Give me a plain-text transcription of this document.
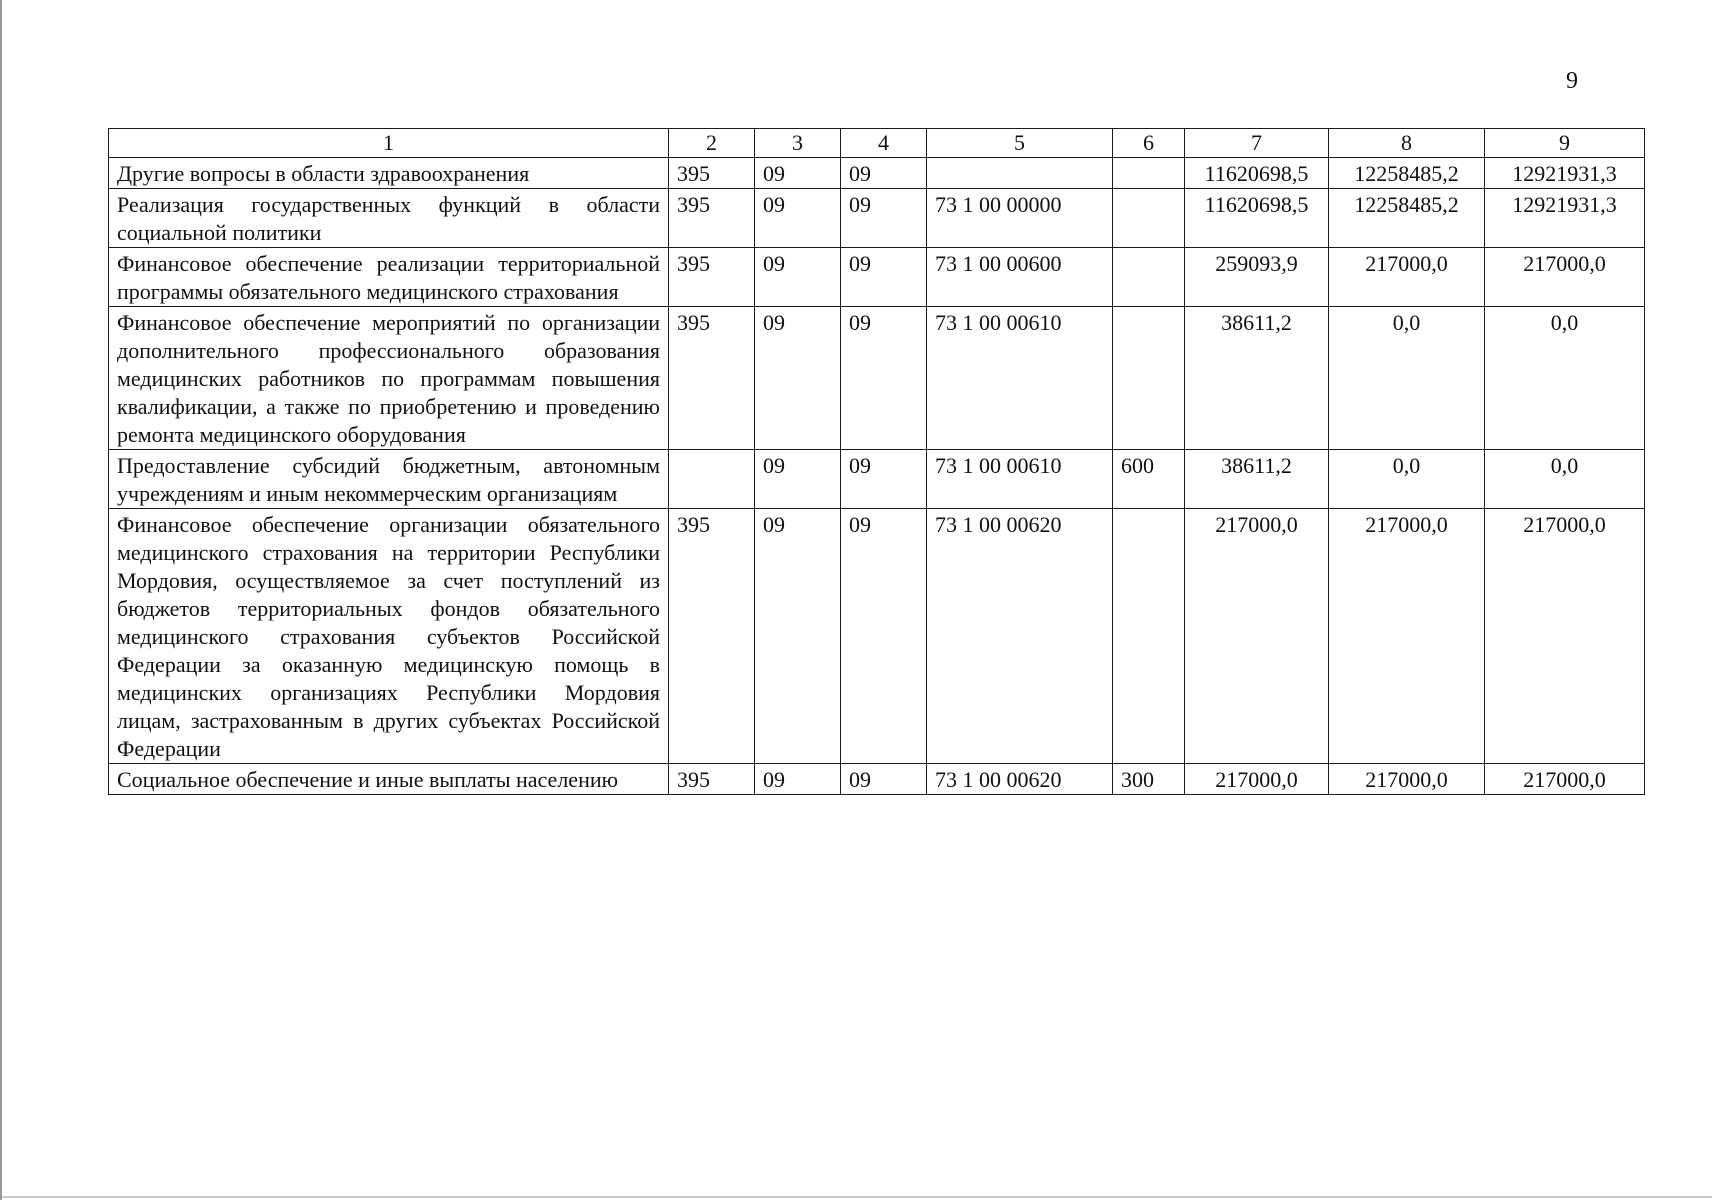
9
1	2	3	4	5	6	7	8	9
Другие вопросы в области здравоохранения	395	09	09			11620698,5	12258485,2	12921931,3
Реализация государственных функций в области социальной политики	395	09	09	73 1 00 00000		11620698,5	12258485,2	12921931,3
Финансовое обеспечение реализации территориальной программы обязательного медицинского страхования	395	09	09	73 1 00 00600		259093,9	217000,0	217000,0
Финансовое обеспечение мероприятий по организации дополнительного профессионального образования медицинских работников по программам повышения квалификации, а также по приобретению и проведению ремонта медицинского оборудования	395	09	09	73 1 00 00610		38611,2	0,0	0,0
Предоставление субсидий бюджетным, автономным учреждениям и иным некоммерческим организациям		09	09	73 1 00 00610	600	38611,2	0,0	0,0
Финансовое обеспечение организации обязательного медицинского страхования на территории Республики Мордовия, осуществляемое за счет поступлений из бюджетов территориальных фондов обязательного медицинского страхования субъектов Российской Федерации за оказанную медицинскую помощь в медицинских организациях Республики Мордовия лицам, застрахованным в других субъектах Российской Федерации	395	09	09	73 1 00 00620		217000,0	217000,0	217000,0
Социальное обеспечение и иные выплаты населению	395	09	09	73 1 00 00620	300	217000,0	217000,0	217000,0
